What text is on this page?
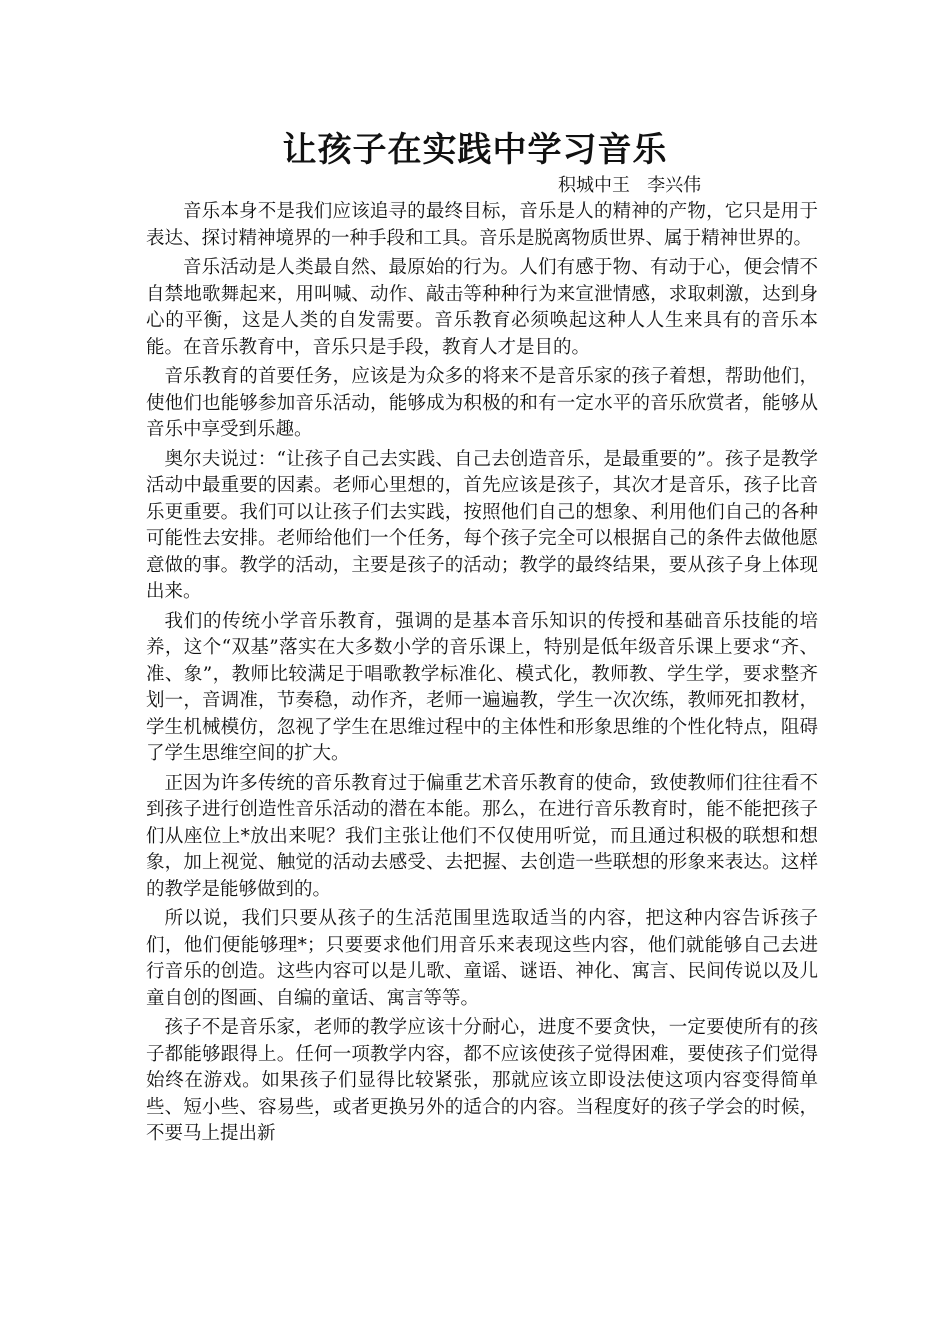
让孩子在实践中学习音乐
积城中王   李兴伟

音乐本身不是我们应该追寻的最终目标，音乐是人的精神的产物，它只是用于表达、探讨精神境界的一种手段和工具。音乐是脱离物质世界、属于精神世界的。

音乐活动是人类最自然、最原始的行为。人们有感于物、有动于心，便会情不自禁地歌舞起来，用叫喊、动作、敲击等种种行为来宣泄情感，求取刺激，达到身心的平衡，这是人类的自发需要。音乐教育必须唤起这种人人生来具有的音乐本能。在音乐教育中，音乐只是手段，教育人才是目的。

音乐教育的首要任务，应该是为众多的将来不是音乐家的孩子着想，帮助他们，使他们也能够参加音乐活动，能够成为积极的和有一定水平的音乐欣赏者，能够从音乐中享受到乐趣。

奥尔夫说过：“让孩子自己去实践、自己去创造音乐，是最重要的”。孩子是教学活动中最重要的因素。老师心里想的，首先应该是孩子，其次才是音乐，孩子比音乐更重要。我们可以让孩子们去实践，按照他们自己的想象、利用他们自己的各种可能性去安排。老师给他们一个任务，每个孩子完全可以根据自己的条件去做他愿意做的事。教学的活动，主要是孩子的活动；教学的最终结果，要从孩子身上体现出来。

我们的传统小学音乐教育，强调的是基本音乐知识的传授和基础音乐技能的培养，这个“双基”落实在大多数小学的音乐课上，特别是低年级音乐课上要求“齐、准、象”，教师比较满足于唱歌教学标准化、模式化，教师教、学生学，要求整齐划一，音调准，节奏稳，动作齐，老师一遍遍教，学生一次次练，教师死扣教材，学生机械模仿，忽视了学生在思维过程中的主体性和形象思维的个性化特点，阻碍了学生思维空间的扩大。

正因为许多传统的音乐教育过于偏重艺术音乐教育的使命，致使教师们往往看不到孩子进行创造性音乐活动的潜在本能。那么，在进行音乐教育时，能不能把孩子们从座位上*放出来呢？我们主张让他们不仅使用听觉，而且通过积极的联想和想象，加上视觉、触觉的活动去感受、去把握、去创造一些联想的形象来表达。这样的教学是能够做到的。

所以说，我们只要从孩子的生活范围里选取适当的内容，把这种内容告诉孩子们，他们便能够理*；只要要求他们用音乐来表现这些内容，他们就能够自己去进行音乐的创造。这些内容可以是儿歌、童谣、谜语、神化、寓言、民间传说以及儿童自创的图画、自编的童话、寓言等等。

孩子不是音乐家，老师的教学应该十分耐心，进度不要贪快，一定要使所有的孩子都能够跟得上。任何一项教学内容，都不应该使孩子觉得困难，要使孩子们觉得始终在游戏。如果孩子们显得比较紧张，那就应该立即设法使这项内容变得简单些、短小些、容易些，或者更换另外的适合的内容。当程度好的孩子学会的时候，不要马上提出新
